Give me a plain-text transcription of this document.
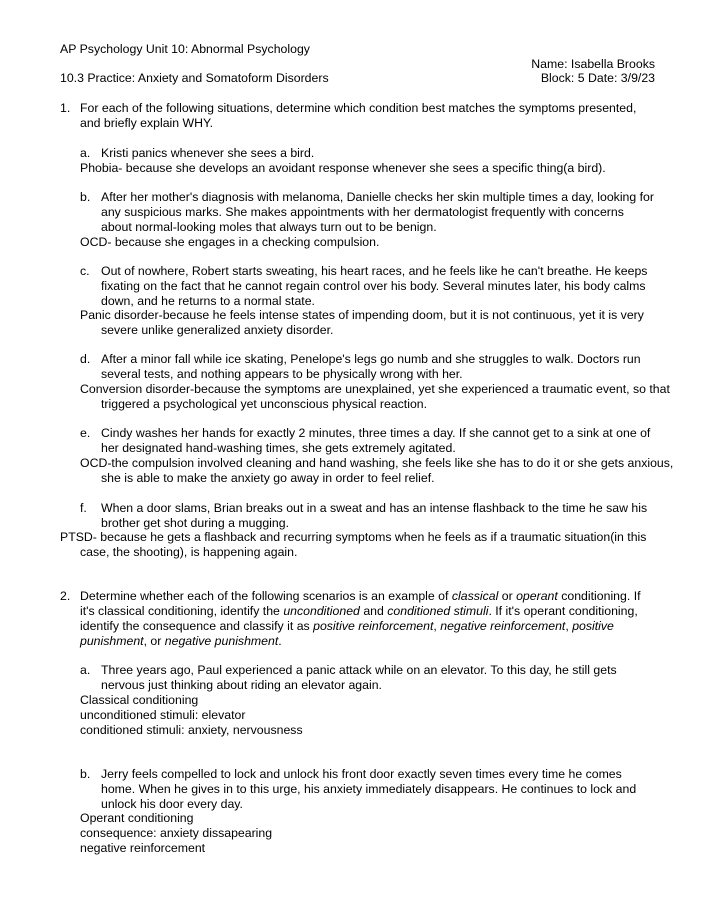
AP Psychology Unit 10: Abnormal Psychology
Name: Isabella Brooks
10.3 Practice: Anxiety and Somatoform Disorders	Block: 5 Date: 3/9/23
1. For each of the following situations, determine which condition best matches the symptoms presented, and briefly explain WHY.
a. Kristi panics whenever she sees a bird.
Phobia- because she develops an avoidant response whenever she sees a specific thing(a bird).
b. After her mother's diagnosis with melanoma, Danielle checks her skin multiple times a day, looking for any suspicious marks. She makes appointments with her dermatologist frequently with concerns about normal-looking moles that always turn out to be benign.
OCD- because she engages in a checking compulsion.
c. Out of nowhere, Robert starts sweating, his heart races, and he feels like he can't breathe. He keeps fixating on the fact that he cannot regain control over his body. Several minutes later, his body calms down, and he returns to a normal state.
Panic disorder-because he feels intense states of impending doom, but it is not continuous, yet it is very severe unlike generalized anxiety disorder.
d. After a minor fall while ice skating, Penelope's legs go numb and she struggles to walk. Doctors run several tests, and nothing appears to be physically wrong with her.
Conversion disorder-because the symptoms are unexplained, yet she experienced a traumatic event, so that triggered a psychological yet unconscious physical reaction.
e. Cindy washes her hands for exactly 2 minutes, three times a day. If she cannot get to a sink at one of her designated hand-washing times, she gets extremely agitated.
OCD-the compulsion involved cleaning and hand washing, she feels like she has to do it or she gets anxious, she is able to make the anxiety go away in order to feel relief.
f. When a door slams, Brian breaks out in a sweat and has an intense flashback to the time he saw his brother get shot during a mugging.
PTSD- because he gets a flashback and recurring symptoms when he feels as if a traumatic situation(in this case, the shooting), is happening again.
2. Determine whether each of the following scenarios is an example of classical or operant conditioning. If it's classical conditioning, identify the unconditioned and conditioned stimuli. If it's operant conditioning, identify the consequence and classify it as positive reinforcement, negative reinforcement, positive punishment, or negative punishment.
a. Three years ago, Paul experienced a panic attack while on an elevator. To this day, he still gets nervous just thinking about riding an elevator again.
Classical conditioning
unconditioned stimuli: elevator
conditioned stimuli: anxiety, nervousness
b. Jerry feels compelled to lock and unlock his front door exactly seven times every time he comes home. When he gives in to this urge, his anxiety immediately disappears. He continues to lock and unlock his door every day.
Operant conditioning
consequence: anxiety dissapearing
negative reinforcement
